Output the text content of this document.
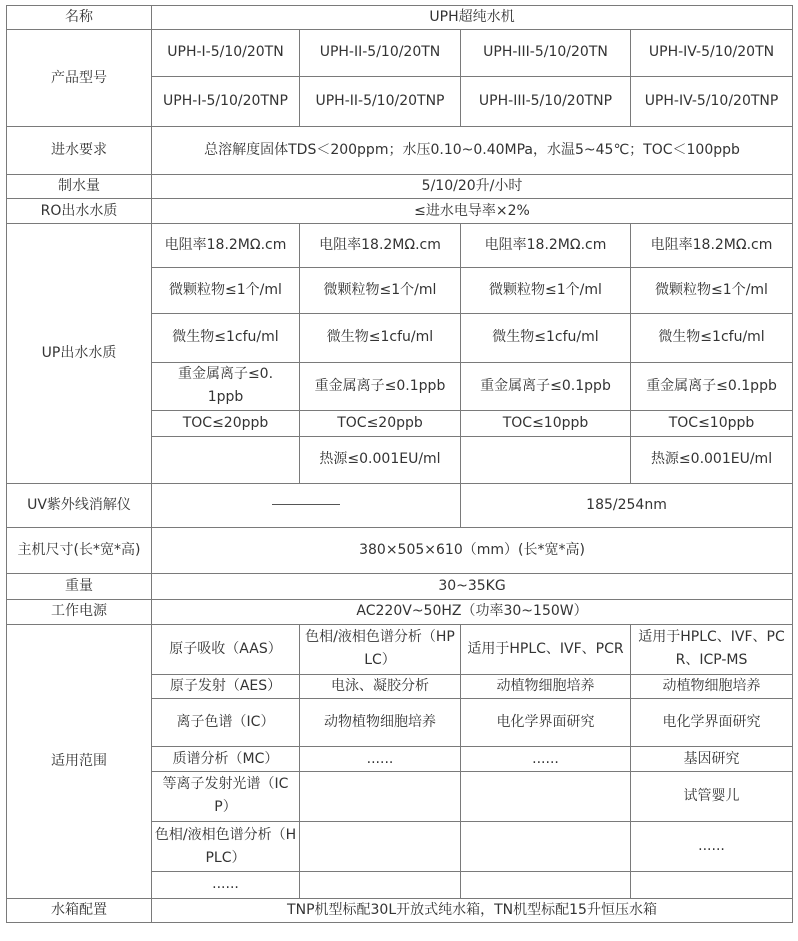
名称	UPH超纯水机			
产品型号	UPH-I-5/10/20TN	UPH-II-5/10/20TN	UPH-III-5/10/20TN	UPH-IV-5/10/20TN
	UPH-I-5/10/20TNP	UPH-II-5/10/20TNP	UPH-III-5/10/20TNP	UPH-IV-5/10/20TNP
进水要求	总溶解度固体TDS＜200ppm；水压0.10~0.40MPa，水温5~45℃；TOC＜100ppb			
制水量	5/10/20升/小时			
RO出水水质	≤进水电导率×2%			
UP出水水质	电阻率18.2MΩ.cm	电阻率18.2MΩ.cm	电阻率18.2MΩ.cm	电阻率18.2MΩ.cm
	微颗粒物≤1个/ml	微颗粒物≤1个/ml	微颗粒物≤1个/ml	微颗粒物≤1个/ml
	微生物≤1cfu/ml	微生物≤1cfu/ml	微生物≤1cfu/ml	微生物≤1cfu/ml
	重金属离子≤0.1ppb	重金属离子≤0.1ppb	重金属离子≤0.1ppb	重金属离子≤0.1ppb
	TOC≤20ppb	TOC≤20ppb	TOC≤10ppb	TOC≤10ppb
		热源≤0.001EU/ml		热源≤0.001EU/ml
UV紫外线消解仪			185/254nm	
主机尺寸(长*宽*高)	380×505×610（mm）(长*宽*高)			
重量	30~35KG			
工作电源	AC220V~50HZ（功率30~150W）			
适用范围	原子吸收（AAS）	色相/液相色谱分析（HPLC）	适用于HPLC、IVF、PCR	适用于HPLC、IVF、PCR、ICP-MS
	原子发射（AES）	电泳、凝胶分析	动植物细胞培养	动植物细胞培养
	离子色谱（IC）	动物植物细胞培养	电化学界面研究	电化学界面研究
	质谱分析（MC）	......	......	基因研究
	等离子发射光谱（ICP）			试管婴儿
	色相/液相色谱分析（HPLC）			......
	......			
水箱配置	TNP机型标配30L开放式纯水箱，TN机型标配15升恒压水箱			
